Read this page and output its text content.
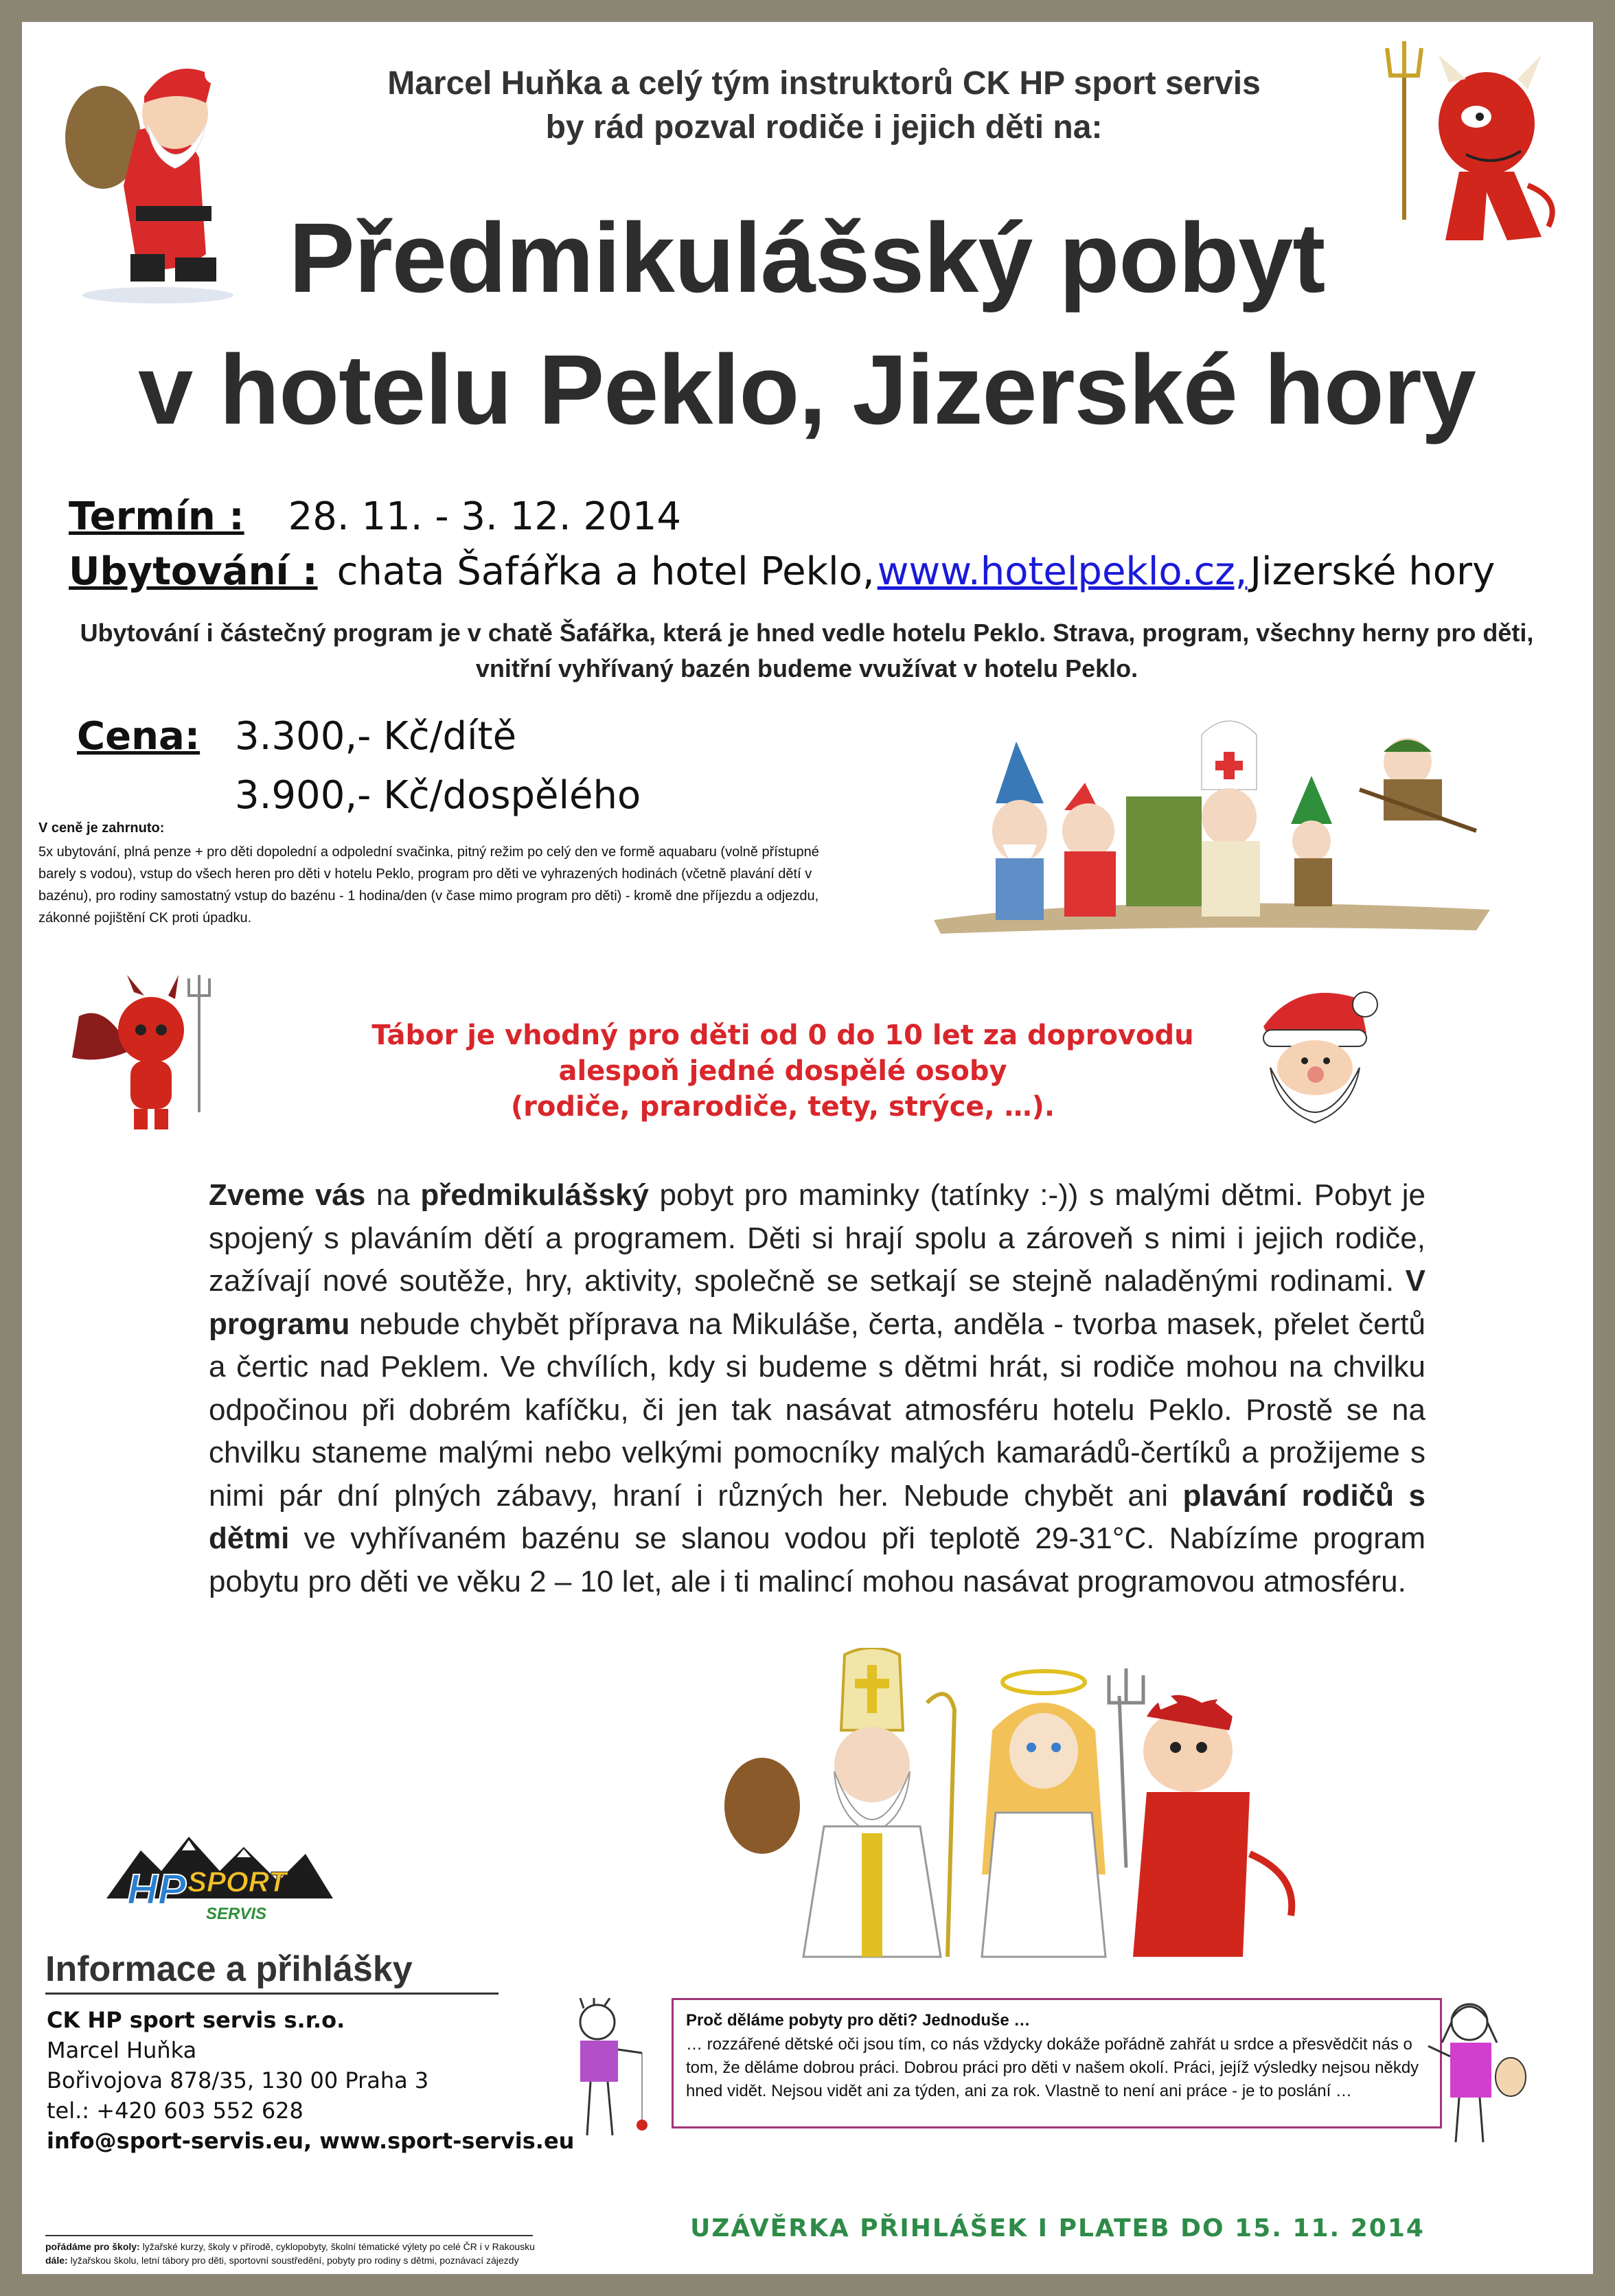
Marcel Huňka a celý tým instruktorů CK HP sport servis
by rád pozval rodiče i jejich děti na:
Předmikulášský pobyt
v hotelu Peklo, Jizerské hory
Termín : 28. 11. - 3. 12. 2014
Ubytování : chata Šafářka a hotel Peklo, www.hotelpeklo.cz, Jizerské hory
Ubytování i částečný program je v chatě Šafářka, která je hned vedle hotelu Peklo. Strava, program, všechny herny pro děti, vnitřní vyhřívaný bazén budeme vvužívat v hotelu Peklo.
Cena: 3.300,- Kč/dítě
3.900,- Kč/dospělého
V ceně je zahrnuto:
5x ubytování, plná penze + pro děti dopolední a odpolední svačinka, pitný režim po celý den ve formě aquabaru (volně přístupné barely s vodou), vstup do všech heren pro děti v hotelu Peklo, program pro děti ve vyhrazených hodinách (včetně plavání dětí v bazénu), pro rodiny samostatný vstup do bazénu - 1 hodina/den (v čase mimo program pro děti) - kromě dne příjezdu a odjezdu, zákonné pojištění CK proti úpadku.
Tábor je vhodný pro děti od 0 do 10 let za doprovodu
alespoň jedné dospělé osoby
(rodiče, prarodiče, tety, strýce, …).
Zveme vás na předmikulášský pobyt pro maminky (tatínky :-)) s malými dětmi. Pobyt je spojený s plaváním dětí a programem. Děti si hrají spolu a zároveň s nimi i jejich rodiče, zažívají nové soutěže, hry, aktivity, společně se setkají se stejně naladěnými rodinami. V programu nebude chybět příprava na Mikuláše, čerta, anděla - tvorba masek, přelet čertů a čertic nad Peklem. Ve chvílích, kdy si budeme s dětmi hrát, si rodiče mohou na chvilku odpočinou při dobrém kafíčku, či jen tak nasávat atmosféru hotelu Peklo. Prostě se na chvilku staneme malými nebo velkými pomocníky malých kamarádů-čertíků a prožijeme s nimi pár dní plných zábavy, hraní i různých her. Nebude chybět ani plavání rodičů s dětmi ve vyhřívaném bazénu se slanou vodou při teplotě 29-31°C. Nabízíme program pobytu pro děti ve věku 2 – 10 let, ale i ti malincí mohou nasávat programovou atmosféru.
HP SPORT
SERVIS
Informace a přihlášky
CK HP sport servis s.r.o.
Marcel Huňka
Bořivojova 878/35, 130 00 Praha 3
tel.: +420 603 552 628
info@sport-servis.eu, www.sport-servis.eu
pořádáme pro školy: lyžařské kurzy, školy v přírodě, cyklopobyty, školní tématické výlety po celé ČR i v Rakousku dále: lyžařskou školu, letní tábory pro děti, sportovní soustředění, pobyty pro rodiny s dětmi, poznávací zájezdy
Proč děláme pobyty pro děti? Jednoduše …
… rozzářené dětské oči jsou tím, co nás vždycky dokáže pořádně zahřát u srdce a přesvědčit nás o tom, že děláme dobrou práci. Dobrou práci pro děti v našem okolí. Práci, jejíž výsledky nejsou někdy hned vidět. Nejsou vidět ani za týden, ani za rok. Vlastně to není ani práce - je to poslání …
UZÁVĚRKA PŘIHLÁŠEK I PLATEB DO 15. 11. 2014
